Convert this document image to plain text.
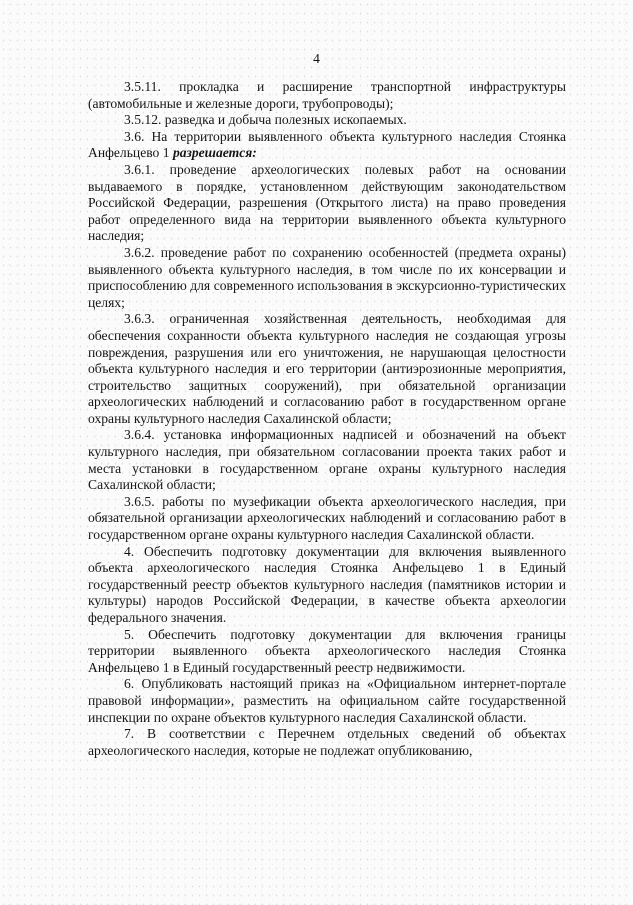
4

3.5.11. прокладка и расширение транспортной инфраструктуры (автомобильные и железные дороги, трубопроводы);

3.5.12. разведка и добыча полезных ископаемых.

3.6. На территории выявленного объекта культурного наследия Стоянка Анфельцево 1 разрешается:

3.6.1. проведение археологических полевых работ на основании выдаваемого в порядке, установленном действующим законодательством Российской Федерации, разрешения (Открытого листа) на право проведения работ определенного вида на территории выявленного объекта культурного наследия;

3.6.2. проведение работ по сохранению особенностей (предмета охраны) выявленного объекта культурного наследия, в том числе по их консервации и приспособлению для современного использования в экскурсионно-туристических целях;

3.6.3. ограниченная хозяйственная деятельность, необходимая для обеспечения сохранности объекта культурного наследия не создающая угрозы повреждения, разрушения или его уничтожения, не нарушающая целостности объекта культурного наследия и его территории (антиэрозионные мероприятия, строительство защитных сооружений), при обязательной организации археологических наблюдений и согласованию работ в государственном органе охраны культурного наследия Сахалинской области;

3.6.4. установка информационных надписей и обозначений на объект культурного наследия, при обязательном согласовании проекта таких работ и места установки в государственном органе охраны культурного наследия Сахалинской области;

3.6.5. работы по музефикации объекта археологического наследия, при обязательной организации археологических наблюдений и согласованию работ в государственном органе охраны культурного наследия Сахалинской области.

4. Обеспечить подготовку документации для включения выявленного объекта археологического наследия Стоянка Анфельцево 1 в Единый государственный реестр объектов культурного наследия (памятников истории и культуры) народов Российской Федерации, в качестве объекта археологии федерального значения.

5. Обеспечить подготовку документации для включения границы территории выявленного объекта археологического наследия Стоянка Анфельцево 1 в Единый государственный реестр недвижимости.

6. Опубликовать настоящий приказ на «Официальном интернет-портале правовой информации», разместить на официальном сайте государственной инспекции по охране объектов культурного наследия Сахалинской области.

7. В соответствии с Перечнем отдельных сведений об объектах археологического наследия, которые не подлежат опубликованию,
